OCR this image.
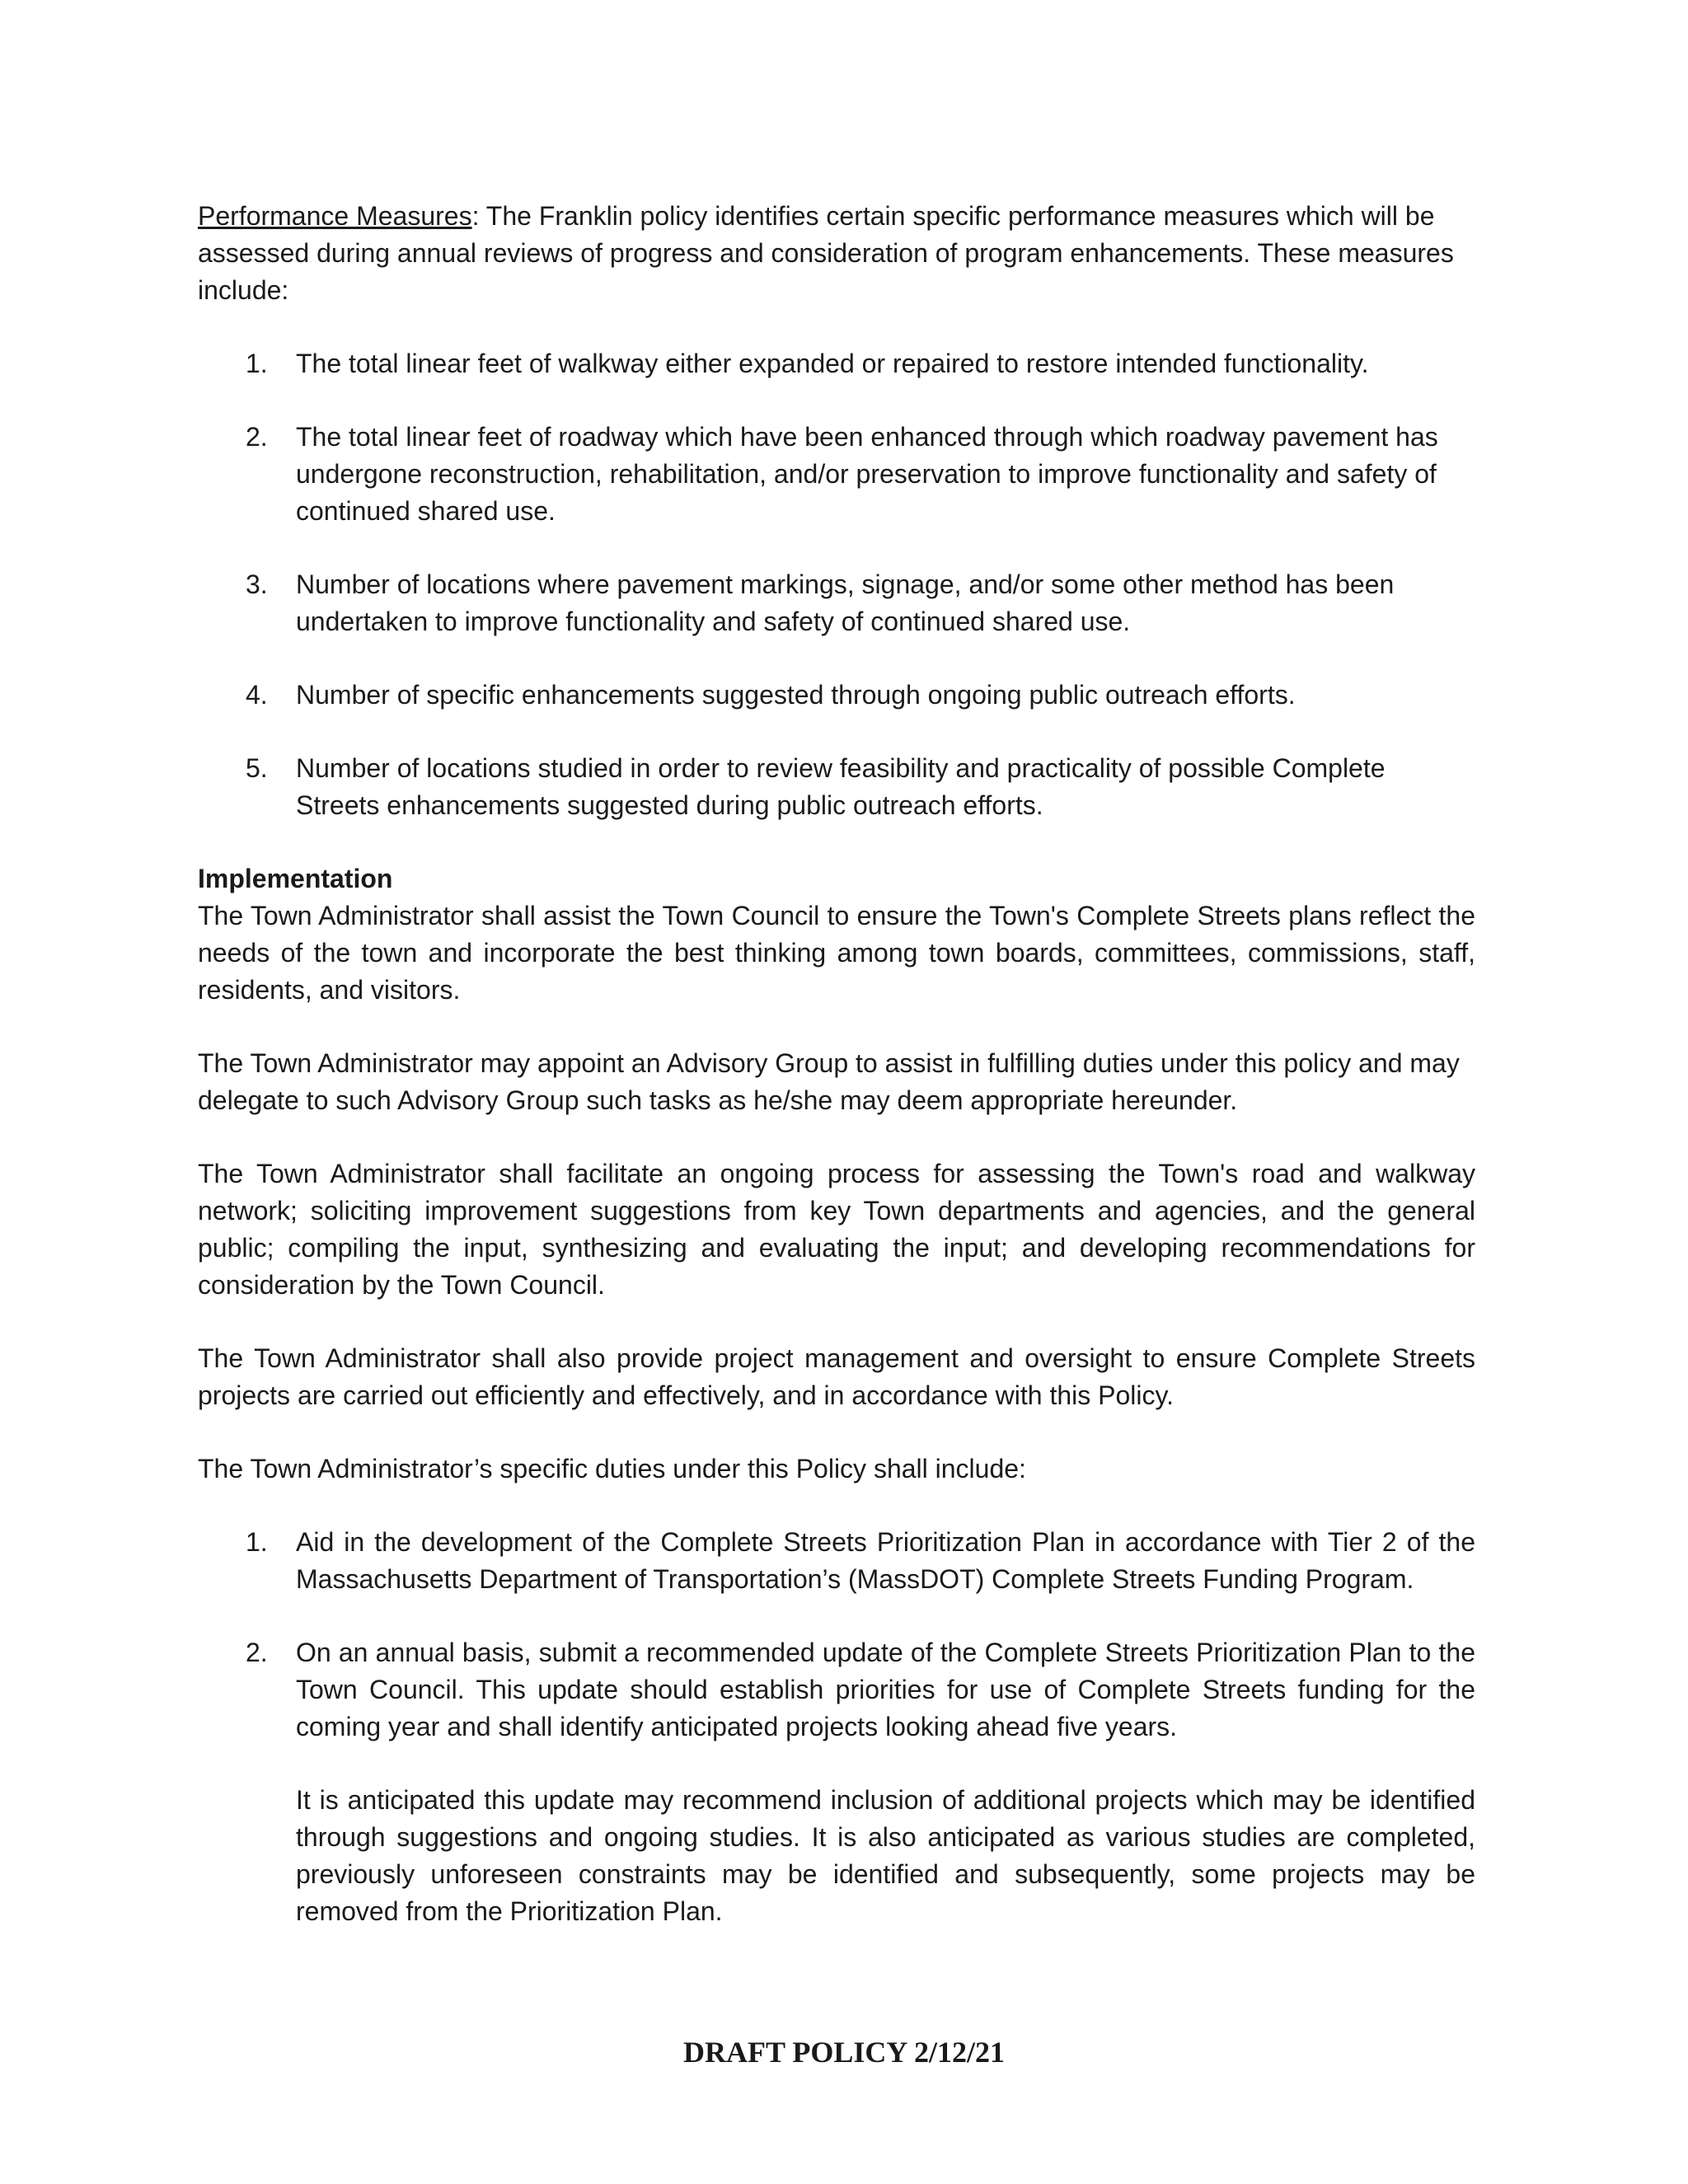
Performance Measures: The Franklin policy identifies certain specific performance measures which will be assessed during annual reviews of progress and consideration of program enhancements. These measures include:

1. The total linear feet of walkway either expanded or repaired to restore intended functionality.
2. The total linear feet of roadway which have been enhanced through which roadway pavement has undergone reconstruction, rehabilitation, and/or preservation to improve functionality and safety of continued shared use.
3. Number of locations where pavement markings, signage, and/or some other method has been undertaken to improve functionality and safety of continued shared use.
4. Number of specific enhancements suggested through ongoing public outreach efforts.
5. Number of locations studied in order to review feasibility and practicality of possible Complete Streets enhancements suggested during public outreach efforts.

Implementation

The Town Administrator shall assist the Town Council to ensure the Town's Complete Streets plans reflect the needs of the town and incorporate the best thinking among town boards, committees, commissions, staff, residents, and visitors.

The Town Administrator may appoint an Advisory Group to assist in fulfilling duties under this policy and may delegate to such Advisory Group such tasks as he/she may deem appropriate hereunder.

The Town Administrator shall facilitate an ongoing process for assessing the Town's road and walkway network; soliciting improvement suggestions from key Town departments and agencies, and the general public; compiling the input, synthesizing and evaluating the input; and developing recommendations for consideration by the Town Council.

The Town Administrator shall also provide project management and oversight to ensure Complete Streets projects are carried out efficiently and effectively, and in accordance with this Policy.

The Town Administrator’s specific duties under this Policy shall include:

1. Aid in the development of the Complete Streets Prioritization Plan in accordance with Tier 2 of the Massachusetts Department of Transportation’s (MassDOT) Complete Streets Funding Program.
2. On an annual basis, submit a recommended update of the Complete Streets Prioritization Plan to the Town Council. This update should establish priorities for use of Complete Streets funding for the coming year and shall identify anticipated projects looking ahead five years.
It is anticipated this update may recommend inclusion of additional projects which may be identified through suggestions and ongoing studies. It is also anticipated as various studies are completed, previously unforeseen constraints may be identified and subsequently, some projects may be removed from the Prioritization Plan.
DRAFT POLICY 2/12/21
